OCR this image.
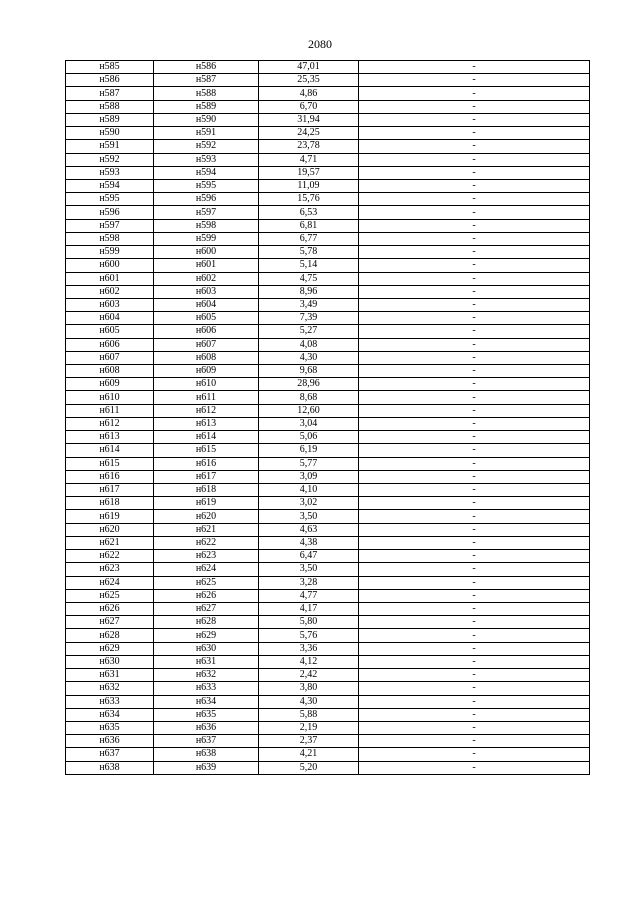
2080
н585	н586	47,01	-
н586	н587	25,35	-
н587	н588	4,86	-
н588	н589	6,70	-
н589	н590	31,94	-
н590	н591	24,25	-
н591	н592	23,78	-
н592	н593	4,71	-
н593	н594	19,57	-
н594	н595	11,09	-
н595	н596	15,76	-
н596	н597	6,53	-
н597	н598	6,81	-
н598	н599	6,77	-
н599	н600	5,78	-
н600	н601	5,14	-
н601	н602	4,75	-
н602	н603	8,96	-
н603	н604	3,49	-
н604	н605	7,39	-
н605	н606	5,27	-
н606	н607	4,08	-
н607	н608	4,30	-
н608	н609	9,68	-
н609	н610	28,96	-
н610	н611	8,68	-
н611	н612	12,60	-
н612	н613	3,04	-
н613	н614	5,06	-
н614	н615	6,19	-
н615	н616	5,77	-
н616	н617	3,09	-
н617	н618	4,10	-
н618	н619	3,02	-
н619	н620	3,50	-
н620	н621	4,63	-
н621	н622	4,38	-
н622	н623	6,47	-
н623	н624	3,50	-
н624	н625	3,28	-
н625	н626	4,77	-
н626	н627	4,17	-
н627	н628	5,80	-
н628	н629	5,76	-
н629	н630	3,36	-
н630	н631	4,12	-
н631	н632	2,42	-
н632	н633	3,80	-
н633	н634	4,30	-
н634	н635	5,88	-
н635	н636	2,19	-
н636	н637	2,37	-
н637	н638	4,21	-
н638	н639	5,20	-
